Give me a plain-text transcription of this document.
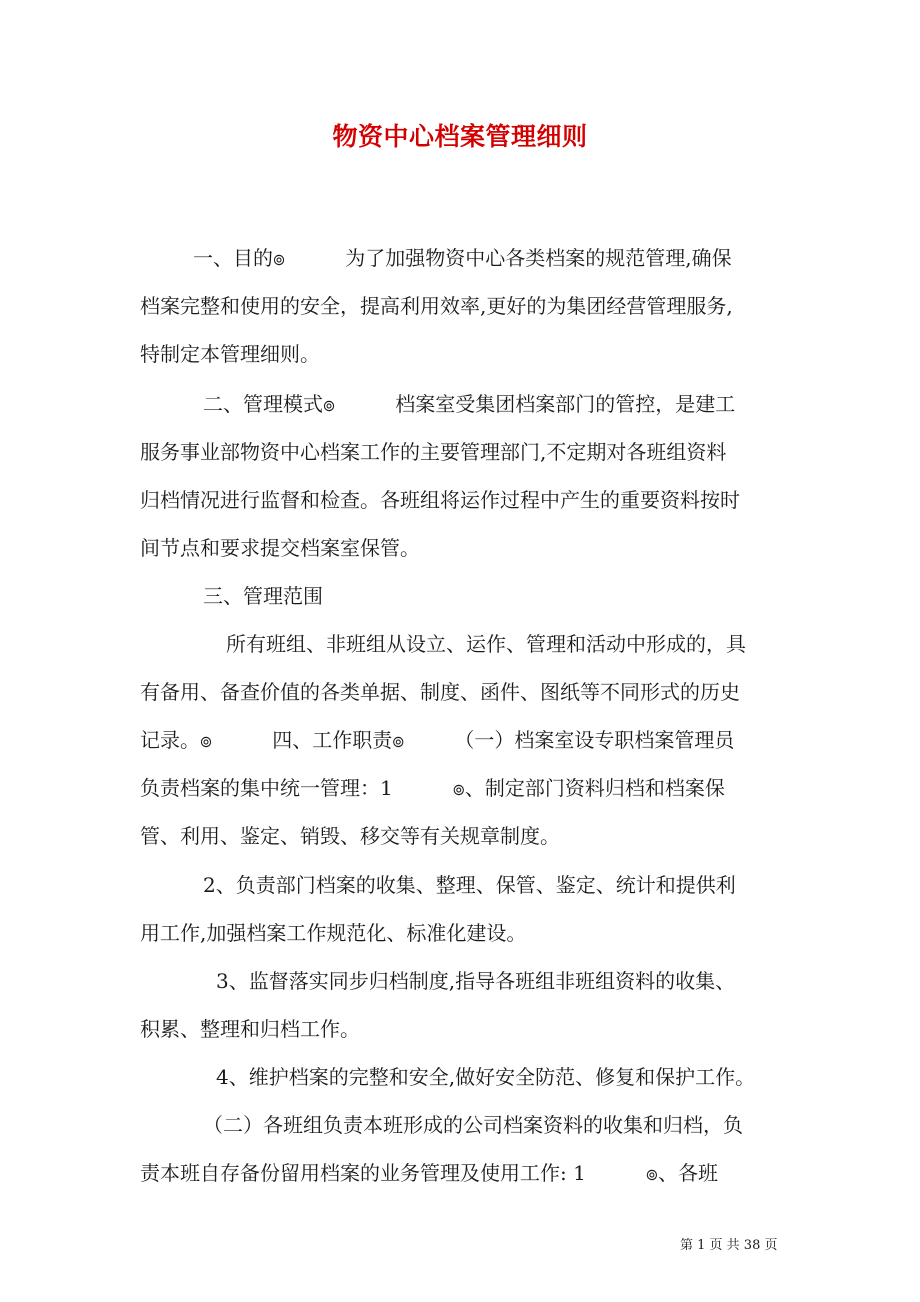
物资中心档案管理细则
一、目的๏　　　为了加强物资中心各类档案的规范管理,确保
档案完整和使用的安全，提高利用效率,更好的为集团经营管理服务,
特制定本管理细则。
二、管理模式๏　　　档案室受集团档案部门的管控，是建工
服务事业部物资中心档案工作的主要管理部门,不定期对各班组资料
归档情况进行监督和检查。各班组将运作过程中产生的重要资料按时
间节点和要求提交档案室保管。
三、管理范围
所有班组、非班组从设立、运作、管理和活动中形成的，具
有备用、备查价值的各类单据、制度、函件、图纸等不同形式的历史
记录。๏　　　四、工作职责๏　　　（一）档案室设专职档案管理员
负责档案的集中统一管理：1　　　๏、制定部门资料归档和档案保
管、利用、鉴定、销毁、移交等有关规章制度。
2、负责部门档案的收集、整理、保管、鉴定、统计和提供利
用工作,加强档案工作规范化、标准化建设。
3、监督落实同步归档制度,指导各班组非班组资料的收集、
积累、整理和归档工作。
4、维护档案的完整和安全,做好安全防范、修复和保护工作。
（二）各班组负责本班形成的公司档案资料的收集和归档，负
责本班自存备份留用档案的业务管理及使用工作: 1　　　๏、各班
第 1 页 共 38 页
